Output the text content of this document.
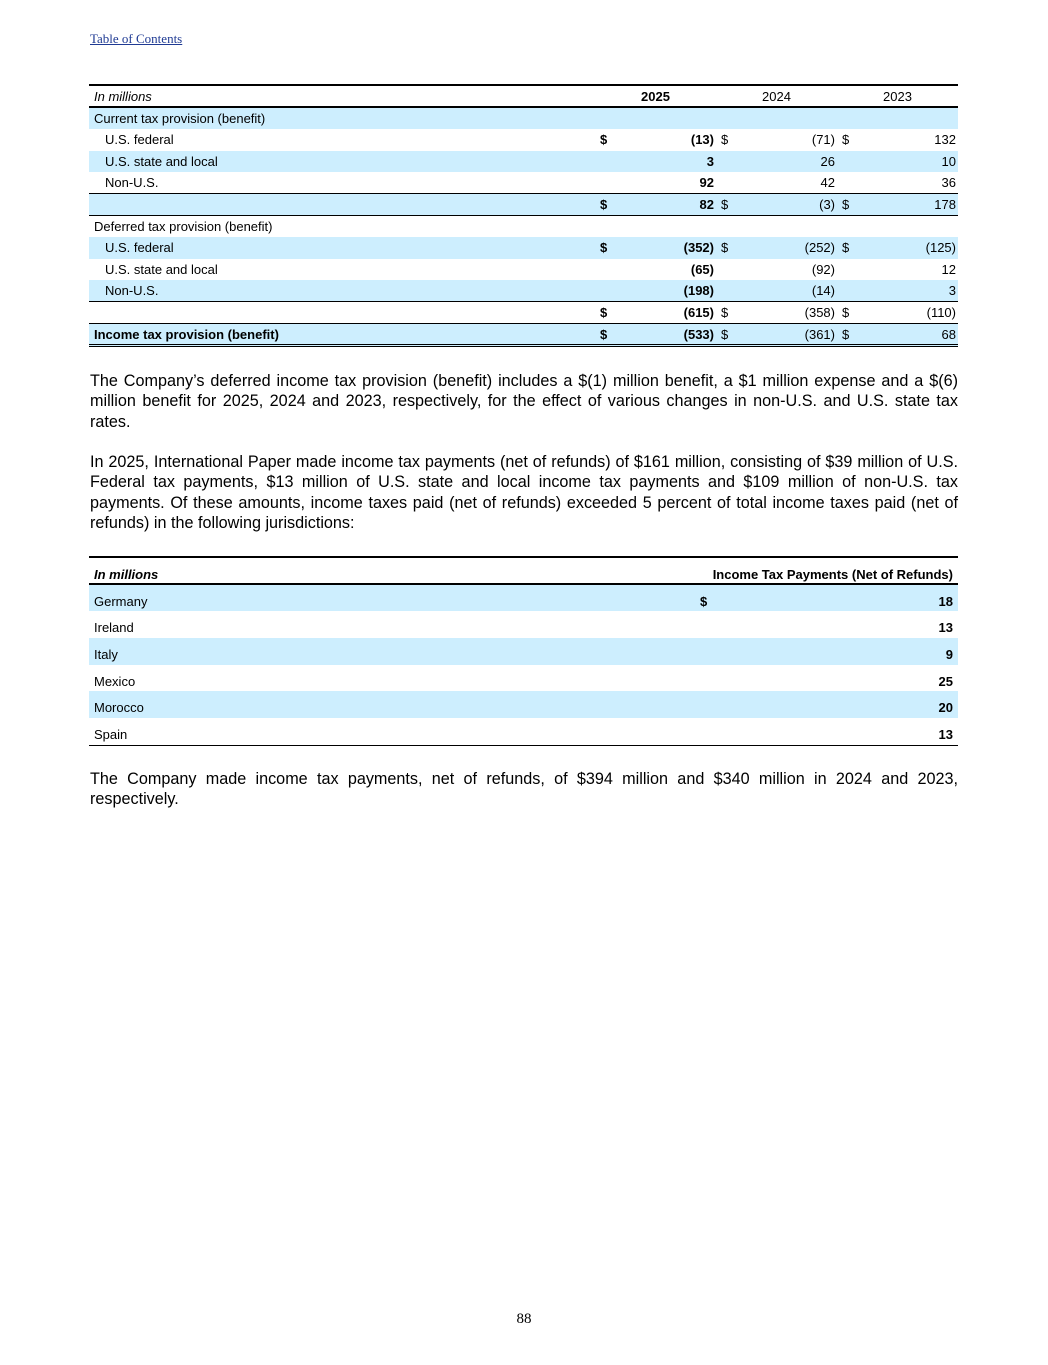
Table of Contents
In millions	2025	2024	2023
Current tax provision (benefit)
U.S. federal	$	(13) $	(71) $	132
U.S. state and local	3	26	10
Non-U.S.	92	42	36
$	82 $	(3) $	178
Deferred tax provision (benefit)
U.S. federal	$	(352) $	(252) $	(125)
U.S. state and local	(65)	(92)	12
Non-U.S.	(198)	(14)	3
$	(615) $	(358) $	(110)
Income tax provision (benefit)	$	(533) $	(361) $	68

The Company’s deferred income tax provision (benefit) includes a $(1) million benefit, a $1 million expense and a $(6) million benefit for 2025, 2024 and 2023, respectively, for the effect of various changes in non-U.S. and U.S. state tax rates.

In 2025, International Paper made income tax payments (net of refunds) of $161 million, consisting of $39 million of U.S. Federal tax payments, $13 million of U.S. state and local income tax payments and $109 million of non-U.S. tax payments. Of these amounts, income taxes paid (net of refunds) exceeded 5 percent of total income taxes paid (net of refunds) in the following jurisdictions:

In millions	Income Tax Payments (Net of Refunds)
Germany	$	18
Ireland	13
Italy	9
Mexico	25
Morocco	20
Spain	13

The Company made income tax payments, net of refunds, of $394 million and $340 million in 2024 and 2023, respectively.

88
